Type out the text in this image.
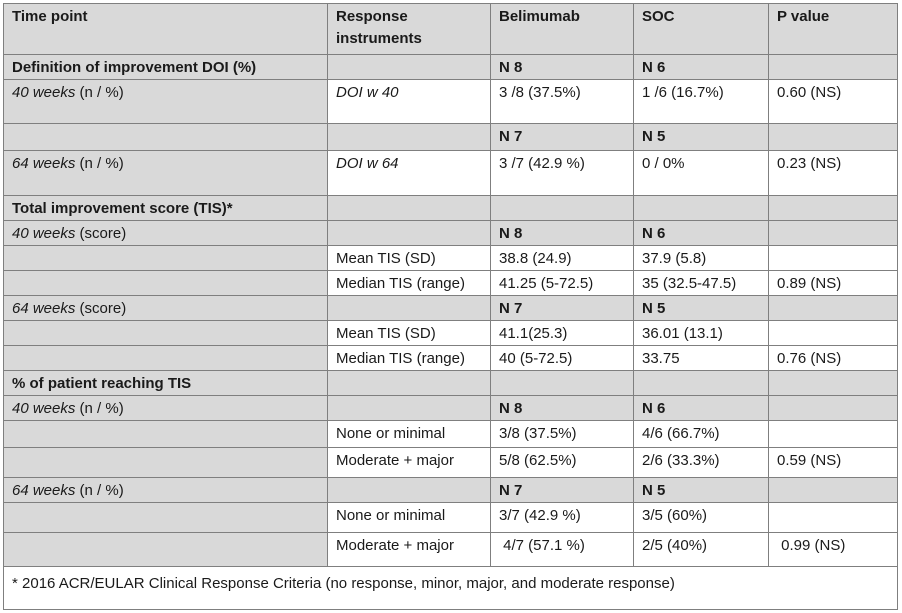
Time point	Response instruments	Belimumab	SOC	P value
Definition of improvement DOI (%)		N 8	N 6	
40 weeks (n / %)	DOI w 40	3 /8 (37.5%)	1 /6 (16.7%)	0.60 (NS)
		N 7	N 5	
64 weeks (n / %)	DOI w 64	3 /7 (42.9 %)	0 / 0%	0.23 (NS)
Total improvement score (TIS)*				
40 weeks (score)		N 8	N 6	
	Mean TIS (SD)	38.8 (24.9)	37.9 (5.8)	
	Median TIS (range)	41.25 (5-72.5)	35 (32.5-47.5)	0.89 (NS)
64 weeks (score)		N 7	N 5	
	Mean TIS (SD)	41.1(25.3)	36.01 (13.1)	
	Median TIS (range)	40 (5-72.5)	33.75	0.76 (NS)
% of patient reaching TIS				
40 weeks (n / %)		N 8	N 6	
	None or minimal	3/8 (37.5%)	4/6 (66.7%)	
	Moderate + major	5/8 (62.5%)	2/6 (33.3%)	0.59 (NS)
64 weeks (n / %)		N 7	N 5	
	None or minimal	3/7 (42.9 %)	3/5 (60%)	
	Moderate + major	4/7 (57.1 %)	2/5 (40%)	0.99 (NS)
* 2016 ACR/EULAR Clinical Response Criteria (no response, minor, major, and moderate response)				
